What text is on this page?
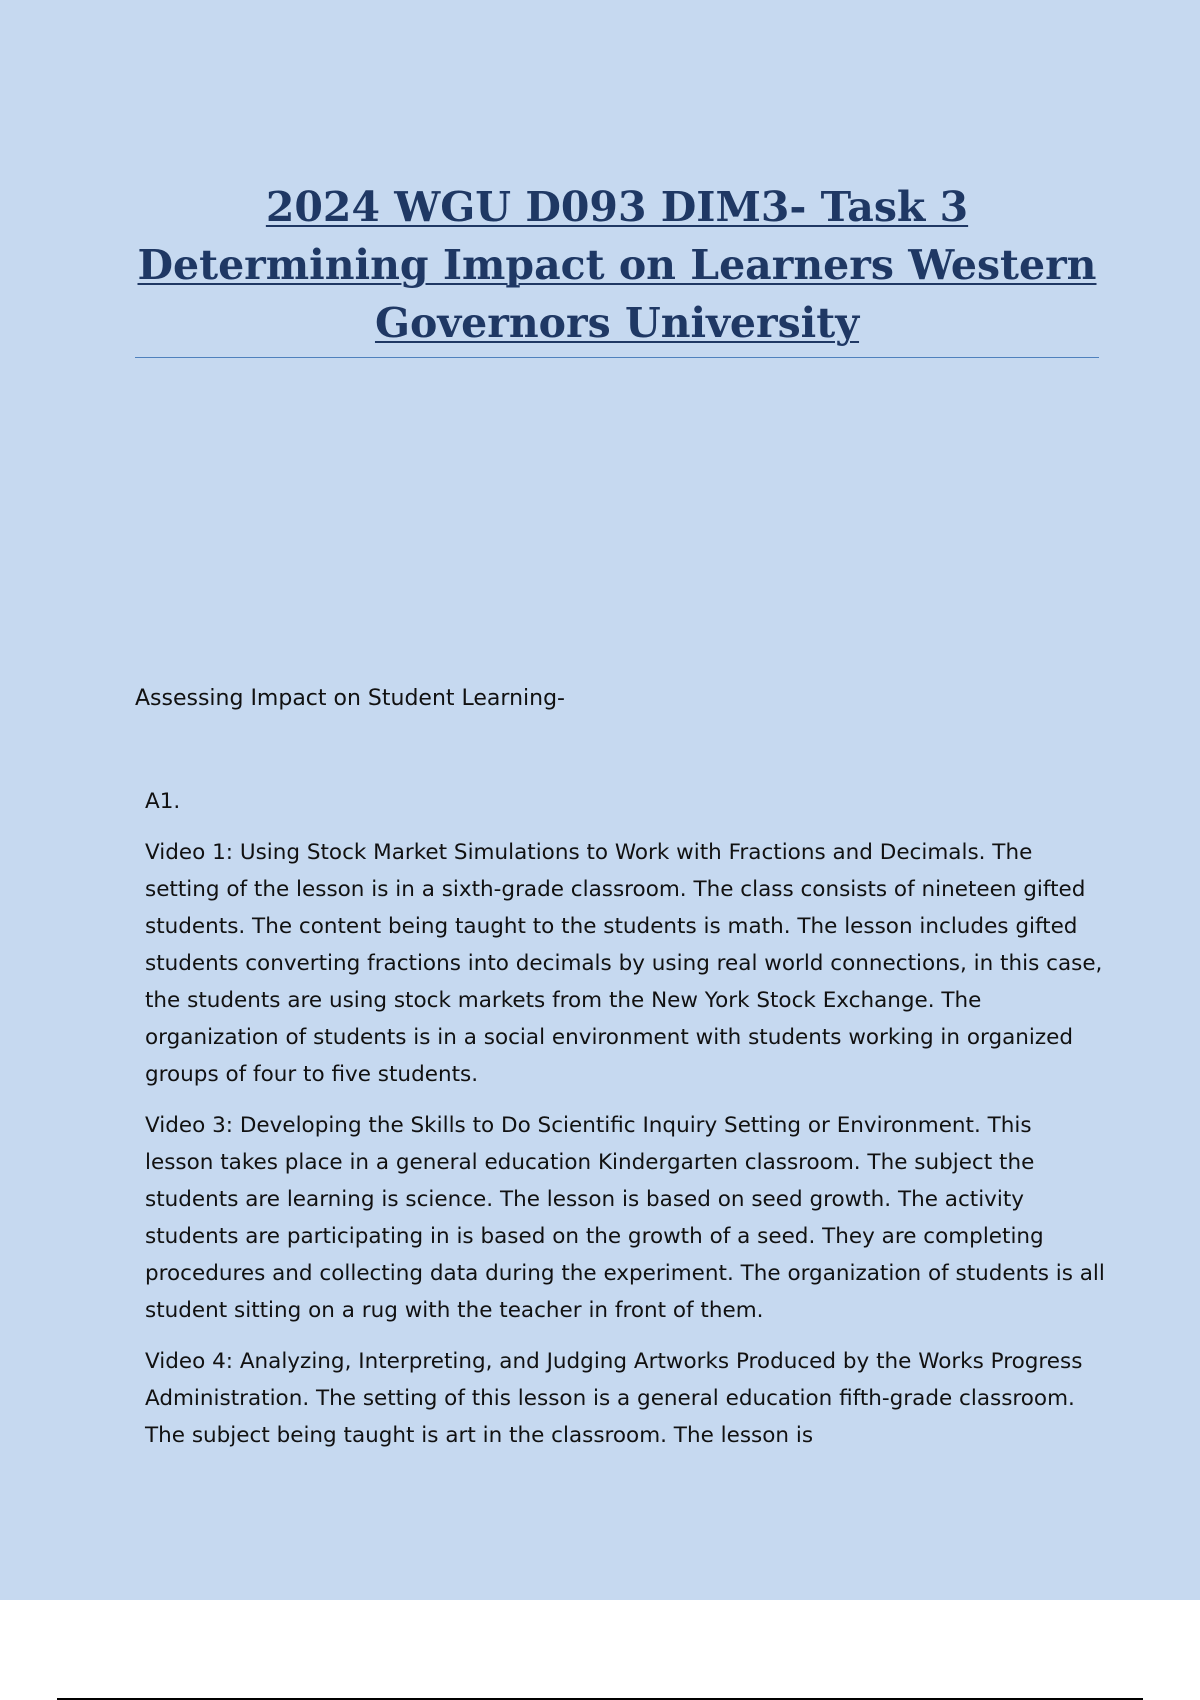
2024 WGU D093 DIM3- Task 3 Determining Impact on Learners Western Governors University

Assessing Impact on Student Learning-

A1.

Video 1: Using Stock Market Simulations to Work with Fractions and Decimals. The setting of the lesson is in a sixth-grade classroom. The class consists of nineteen gifted students. The content being taught to the students is math. The lesson includes gifted students converting fractions into decimals by using real world connections, in this case, the students are using stock markets from the New York Stock Exchange. The organization of students is in a social environment with students working in organized groups of four to five students.

Video 3: Developing the Skills to Do Scientific Inquiry Setting or Environment. This lesson takes place in a general education Kindergarten classroom. The subject the students are learning is science. The lesson is based on seed growth. The activity students are participating in is based on the growth of a seed. They are completing procedures and collecting data during the experiment. The organization of students is all student sitting on a rug with the teacher in front of them.

Video 4: Analyzing, Interpreting, and Judging Artworks Produced by the Works Progress Administration. The setting of this lesson is a general education fifth-grade classroom. The subject being taught is art in the classroom. The lesson is
